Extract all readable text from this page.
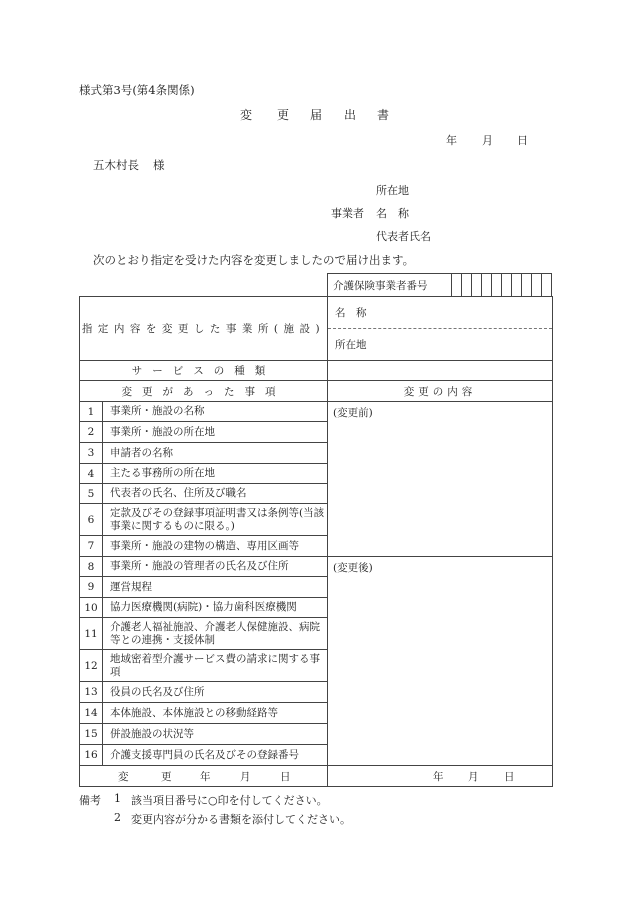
様式第3号(第4条関係)
変 更 届 出 書
年 月 日
五木村長 様
所在地
事業者 名　称
代表者氏名
次のとおり指定を受けた内容を変更しましたので届け出ます。
介護保険事業者番号										
指定内容を変更した事業所(施設)		名　称
		所在地
サービスの種類		
変更があった事項		変更の内容
1	事業所・施設の名称	(変更前)
2	事業所・施設の所在地	
3	申請者の名称	
4	主たる事務所の所在地	
5	代表者の氏名、住所及び職名	
6	定款及びその登録事項証明書又は条例等(当該事業に関するものに限る。)	
7	事業所・施設の建物の構造、専用区画等	
8	事業所・施設の管理者の氏名及び住所	(変更後)
9	運営規程	
10	協力医療機関(病院)・協力歯科医療機関	
11	介護老人福祉施設、介護老人保健施設、病院等との連携・支援体制	
12	地域密着型介護サービス費の請求に関する事項	
13	役員の氏名及び住所	
14	本体施設、本体施設との移動経路等	
15	併設施設の状況等	
16	介護支援専門員の氏名及びその登録番号	

変 更 年 月 日		年 月 日
備考 1 該当項目番号に○印を付してください。
2 変更内容が分かる書類を添付してください。
